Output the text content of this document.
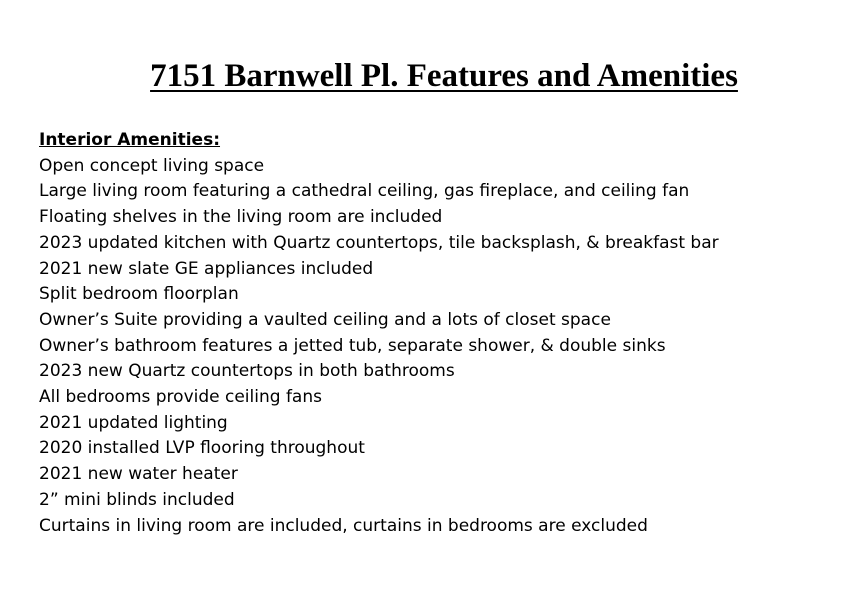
7151 Barnwell Pl. Features and Amenities

Interior Amenities:

Open concept living space
Large living room featuring a cathedral ceiling, gas fireplace, and ceiling fan
Floating shelves in the living room are included
2023 updated kitchen with Quartz countertops, tile backsplash, & breakfast bar
2021 new slate GE appliances included
Split bedroom floorplan
Owner’s Suite providing a vaulted ceiling and a lots of closet space
Owner’s bathroom features a jetted tub, separate shower, & double sinks
2023 new Quartz countertops in both bathrooms
All bedrooms provide ceiling fans
2021 updated lighting
2020 installed LVP flooring throughout
2021 new water heater
2” mini blinds included
Curtains in living room are included, curtains in bedrooms are excluded
